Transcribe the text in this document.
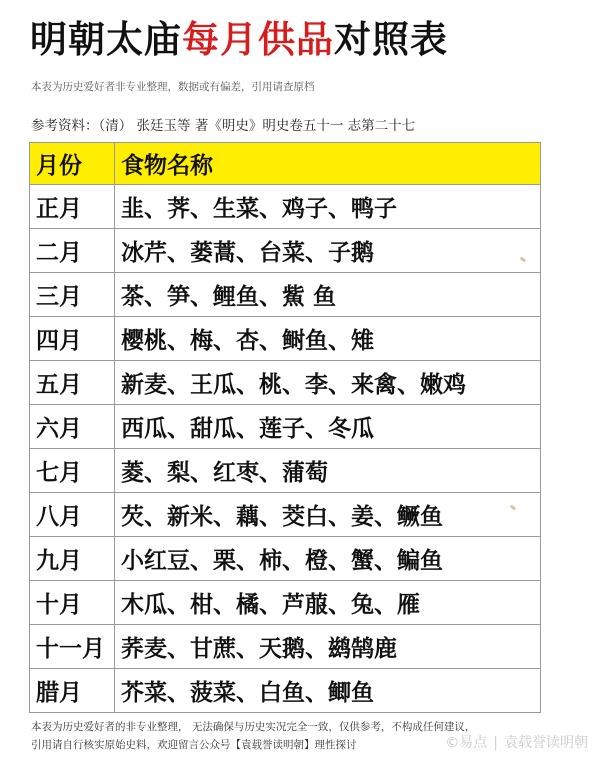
明朝太庙每月供品对照表
本表为历史爱好者非专业整理，数据或有偏差，引用请查原档
参考资料：（清） 张廷玉等 著《明史》明史卷五十一 志第二十七
月份	食物名称
正月	韭、荠、生菜、鸡子、鸭子
二月	冰芹、蒌蒿、台菜、子鹅
三月	茶、笋、鲤鱼、鮆 鱼
四月	樱桃、梅、杏、鲥鱼、雉
五月	新麦、王瓜、桃、李、来禽、嫩鸡
六月	西瓜、甜瓜、莲子、冬瓜
七月	菱、梨、红枣、蒲萄
八月	芡、新米、藕、茭白、姜、鳜鱼
九月	小红豆、栗、柿、橙、蟹、鳊鱼
十月	木瓜、柑、橘、芦菔、兔、雁
十一月	荞麦、甘蔗、天鹅、鹚鹄鹿
腊月	芥菜、菠菜、白鱼、鲫鱼
本表为历史爱好者的非专业整理， 无法确保与历史实况完全一致，仅供参考，不构成任何建议，
引用请自行核实原始史料，欢迎留言公众号【袁载誉读明朝】理性探讨	©易点 | 袁载誉读明朝
